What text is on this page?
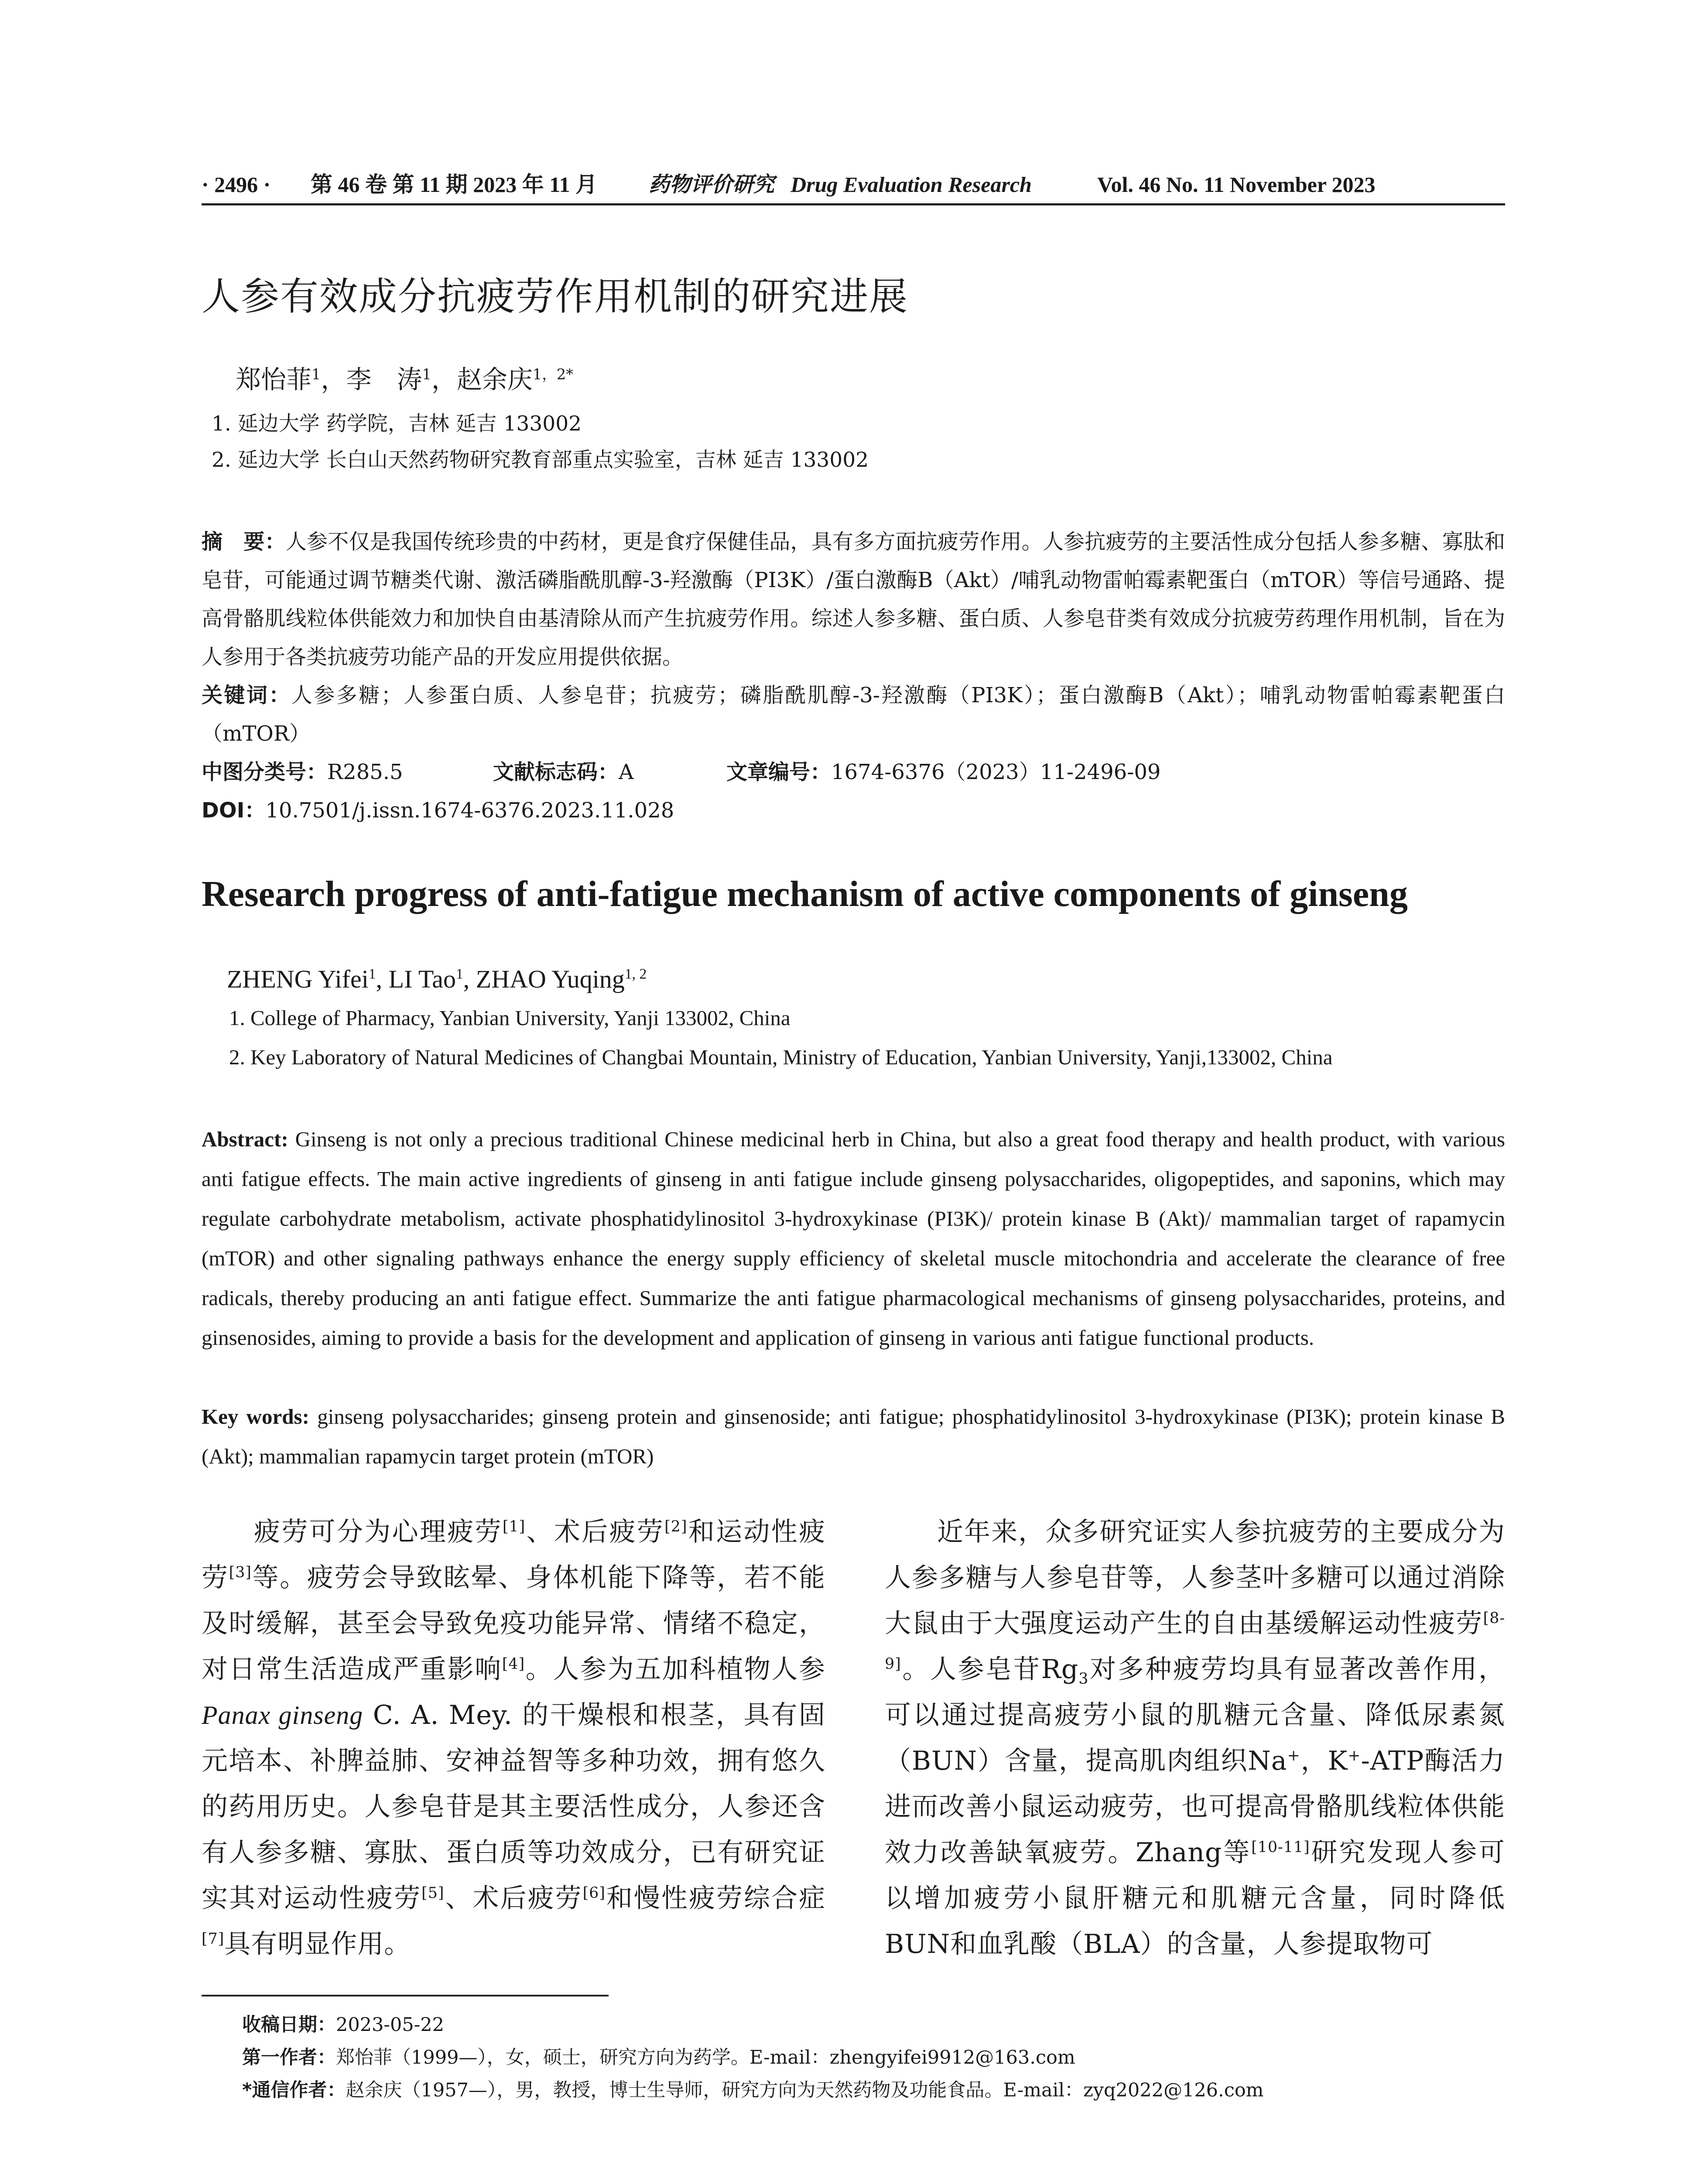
· 2496 · 第 46 卷 第 11 期 2023 年 11 月 药物评价研究 Drug Evaluation Research	Vol. 46 No. 11 November 2023
人参有效成分抗疲劳作用机制的研究进展
郑怡菲$^1$，李　涛$^1$，赵余庆$^{1,2*}$
1. 延边大学 药学院，吉林 延吉 133002
2. 延边大学 长白山天然药物研究教育部重点实验室，吉林 延吉 133002
摘　要：人参不仅是我国传统珍贵的中药材，更是食疗保健佳品，具有多方面抗疲劳作用。人参抗疲劳的主要活性成分包括人参多糖、寡肽和皂苷，可能通过调节糖类代谢、激活磷脂酰肌醇-3-羟激酶（PI3K）/蛋白激酶B（Akt）/哺乳动物雷帕霉素靶蛋白（mTOR）等信号通路、提高骨骼肌线粒体供能效力和加快自由基清除从而产生抗疲劳作用。综述人参多糖、蛋白质、人参皂苷类有效成分抗疲劳药理作用机制，旨在为人参用于各类抗疲劳功能产品的开发应用提供依据。
关键词：人参多糖；人参蛋白质、人参皂苷；抗疲劳；磷脂酰肌醇-3-羟激酶（PI3K）；蛋白激酶B（Akt）；哺乳动物雷帕霉素靶蛋白（mTOR）
中图分类号：R285.5	文献标志码：A	文章编号：1674-6376（2023）11-2496-09
DOI：10.7501/j.issn.1674-6376.2023.11.028
Research progress of anti-fatigue mechanism of active components of ginseng
ZHENG Yifei$^1$, LI Tao$^1$, ZHAO Yuqing$^{1, 2}$
1. College of Pharmacy, Yanbian University, Yanji 133002, China
2. Key Laboratory of Natural Medicines of Changbai Mountain, Ministry of Education, Yanbian University, Yanji,133002, China
Abstract: Ginseng is not only a precious traditional Chinese medicinal herb in China, but also a great food therapy and health product, with various anti fatigue effects. The main active ingredients of ginseng in anti fatigue include ginseng polysaccharides, oligopeptides, and saponins, which may regulate carbohydrate metabolism, activate phosphatidylinositol 3-hydroxykinase (PI3K)/ protein kinase B (Akt)/ mammalian target of rapamycin (mTOR) and other signaling pathways enhance the energy supply efficiency of skeletal muscle mitochondria and accelerate the clearance of free radicals, thereby producing an anti fatigue effect. Summarize the anti fatigue pharmacological mechanisms of ginseng polysaccharides, proteins, and ginsenosides, aiming to provide a basis for the development and application of ginseng in various anti fatigue functional products.
Key words: ginseng polysaccharides; ginseng protein and ginsenoside; anti fatigue; phosphatidylinositol 3-hydroxykinase (PI3K); protein kinase B (Akt); mammalian rapamycin target protein (mTOR)
疲劳可分为心理疲劳[1]、术后疲劳[2]和运动性疲劳[3]等。疲劳会导致眩晕、身体机能下降等，若不能及时缓解，甚至会导致免疫功能异常、情绪不稳定，对日常生活造成严重影响[4]。人参为五加科植物人参 Panax ginseng C. A. Mey. 的干燥根和根茎，具有固元培本、补脾益肺、安神益智等多种功效，拥有悠久的药用历史。人参皂苷是其主要活性成分，人参还含有人参多糖、寡肽、蛋白质等功效成分，已有研究证实其对运动性疲劳[5]、术后疲劳[6]和慢性疲劳综合症[7]具有明显作用。
近年来，众多研究证实人参抗疲劳的主要成分为人参多糖与人参皂苷等，人参茎叶多糖可以通过消除大鼠由于大强度运动产生的自由基缓解运动性疲劳[8-9]。人参皂苷$Rg_3$对多种疲劳均具有显著改善作用，可以通过提高疲劳小鼠的肌糖元含量、降低尿素氮（BUN）含量，提高肌肉组织Na+，K+-ATP酶活力进而改善小鼠运动疲劳，也可提高骨骼肌线粒体供能效力改善缺氧疲劳。Zhang等[10-11]研究发现人参可以增加疲劳小鼠肝糖元和肌糖元含量，同时降低BUN和血乳酸（BLA）的含量，人参提取物可
收稿日期：2023-05-22
第一作者：郑怡菲（1999—），女，硕士，研究方向为药学。E-mail：zhengyifei9912@163.com
*通信作者：赵余庆（1957—），男，教授，博士生导师，研究方向为天然药物及功能食品。E-mail：zyq2022@126.com
